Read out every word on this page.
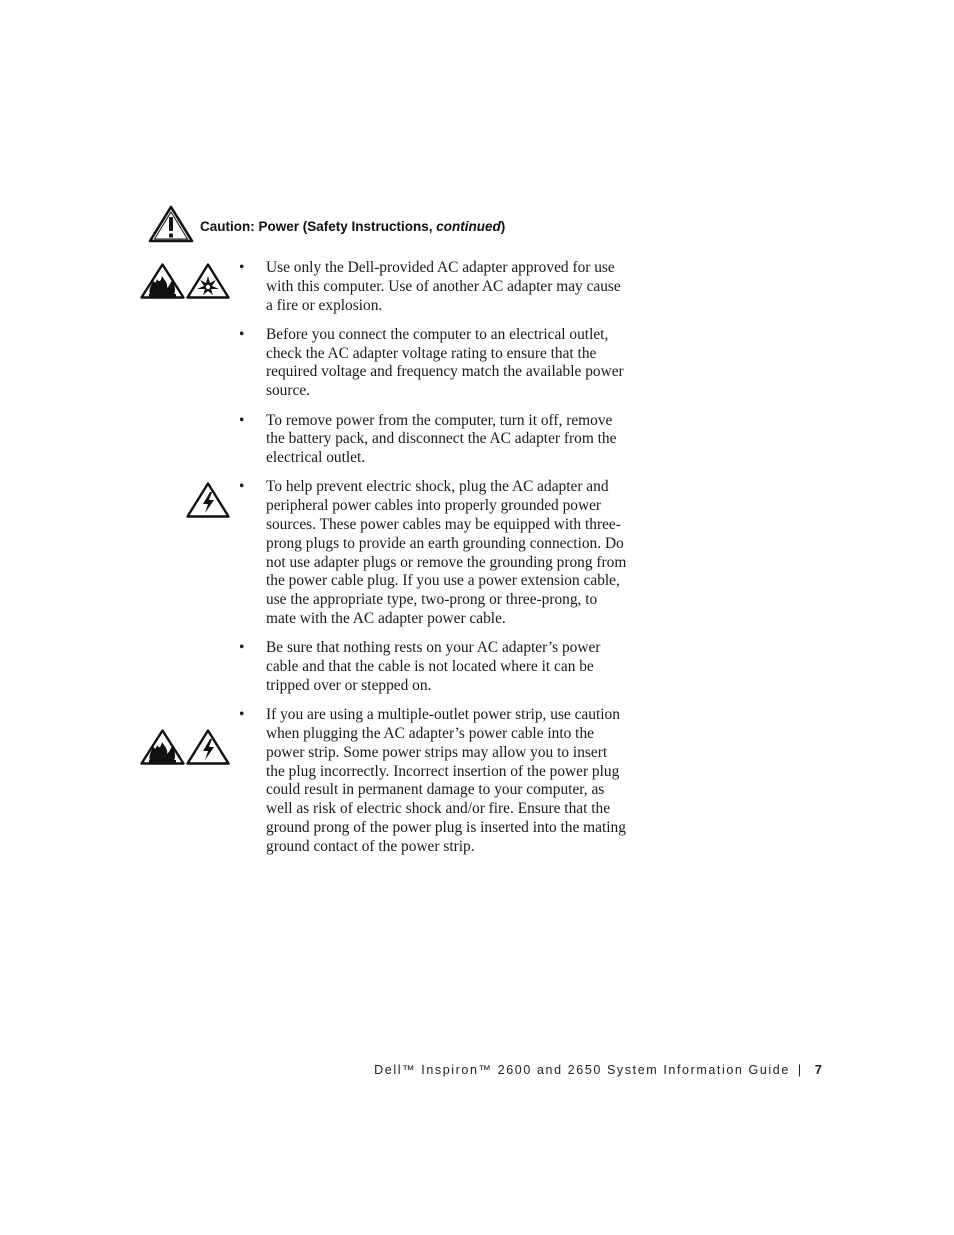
Caution: Power (Safety Instructions, continued)

• Use only the Dell-provided AC adapter approved for use with this computer. Use of another AC adapter may cause a fire or explosion.
• Before you connect the computer to an electrical outlet, check the AC adapter voltage rating to ensure that the required voltage and frequency match the available power source.
• To remove power from the computer, turn it off, remove the battery pack, and disconnect the AC adapter from the electrical outlet.
• To help prevent electric shock, plug the AC adapter and peripheral power cables into properly grounded power sources. These power cables may be equipped with three-prong plugs to provide an earth grounding connection. Do not use adapter plugs or remove the grounding prong from the power cable plug. If you use a power extension cable, use the appropriate type, two-prong or three-prong, to mate with the AC adapter power cable.
• Be sure that nothing rests on your AC adapter’s power cable and that the cable is not located where it can be tripped over or stepped on.
• If you are using a multiple-outlet power strip, use caution when plugging the AC adapter’s power cable into the power strip. Some power strips may allow you to insert the plug incorrectly. Incorrect insertion of the power plug could result in permanent damage to your computer, as well as risk of electric shock and/or fire. Ensure that the ground prong of the power plug is inserted into the mating ground contact of the power strip.

Dell™ Inspiron™ 2600 and 2650 System Information Guide | 7
